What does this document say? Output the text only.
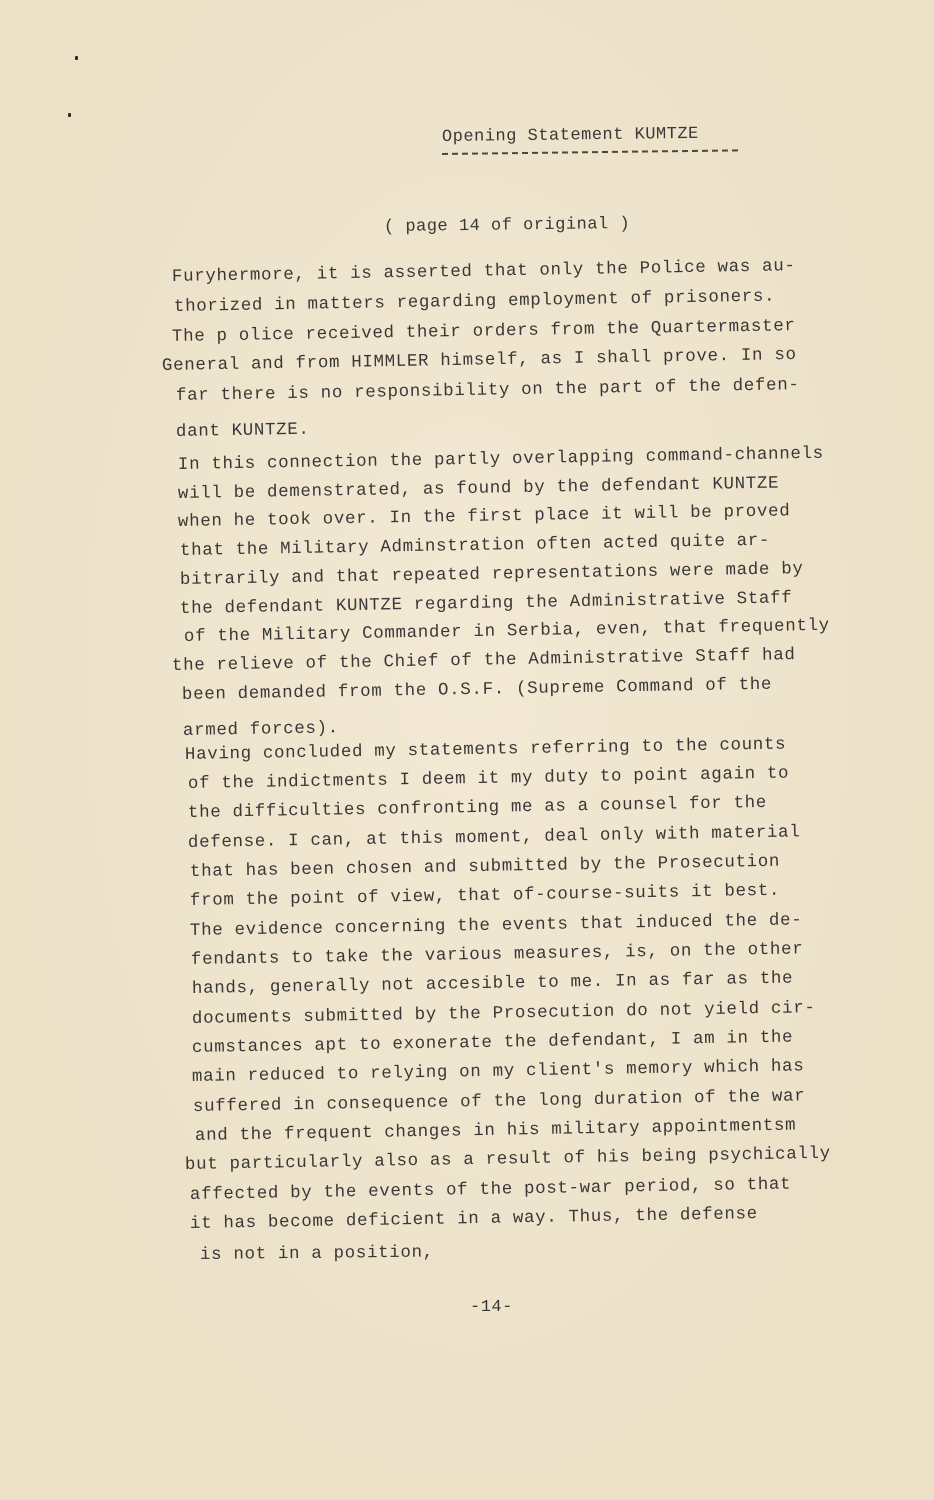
Opening Statement KUMTZE
( page 14 of original )
Furyhermore, it is asserted that only the Police was au-
thorized in matters regarding employment of prisoners.
The p olice received their orders from the Quartermaster
General and from HIMMLER himself, as I shall prove. In so
far there is no responsibility on the part of the defen-
dant KUNTZE.
In this connection the partly overlapping command-channels
will be demenstrated, as found by the defendant KUNTZE
when he took over. In the first place it will be proved
that the Military Adminstration often acted quite ar-
bitrarily and that repeated representations were made by
the defendant KUNTZE regarding the Administrative Staff
of the Military Commander in Serbia, even, that frequently
the relieve of the Chief of the Administrative Staff had
been demanded from the O.S.F. (Supreme Command of the
armed forces).
Having concluded my statements referring to the counts
of the indictments I deem it my duty to point again to
the difficulties confronting me as a counsel for the
defense. I can, at this moment, deal only with material
that has been chosen and submitted by the Prosecution
from the point of view, that of-course-suits it best.
The evidence concerning the events that induced the de-
fendants to take the various measures, is, on the other
hands, generally not accesible to me. In as far as the
documents submitted by the Prosecution do not yield cir-
cumstances apt to exonerate the defendant, I am in the
main reduced to relying on my client's memory which has
suffered in consequence of the long duration of the war
and the frequent changes in his military appointmentsm
but particularly also as a result of his being psychically
affected by the events of the post-war period, so that
it has become deficient in a way. Thus, the defense
is not in a position,
-14-
